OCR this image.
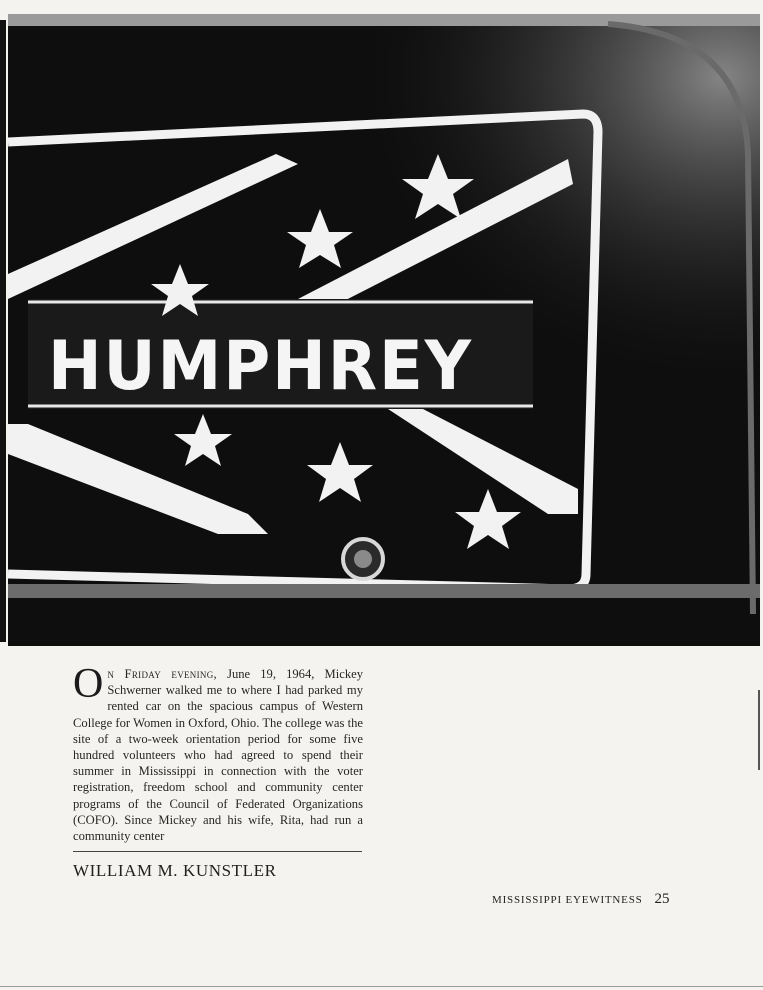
HUMPHREY
On Friday evening, June 19, 1964, Mickey Schwerner walked me to where I had parked my rented car on the spacious campus of Western College for Women in Oxford, Ohio. The college was the site of a two-week orientation period for some five hundred volunteers who had agreed to spend their summer in Mississippi in connection with the voter registration, freedom school and community center programs of the Council of Federated Organizations (COFO). Since Mickey and his wife, Rita, had run a community center
WILLIAM M. KUNSTLER
MISSISSIPPI EYEWITNESS 25
